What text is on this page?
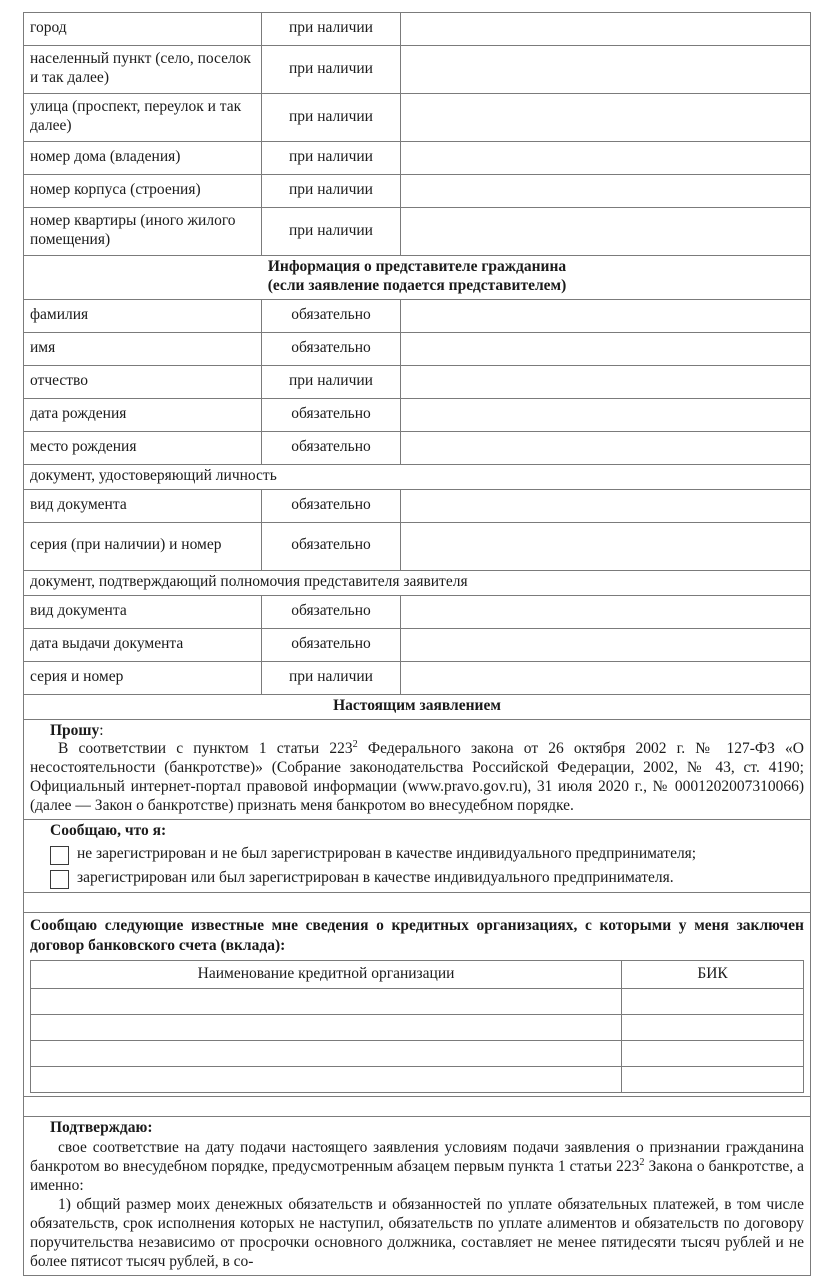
город	при наличии	
населенный пункт (село, поселок и так далее)	при наличии	
улица (проспект, переулок и так далее)	при наличии	
номер дома (владения)	при наличии	
номер корпуса (строения)	при наличии	
номер квартиры (иного жилого помещения)	при наличии	

Информация о представителе гражданина
(если заявление подается представителем)

фамилия	обязательно	
имя	обязательно	
отчество	при наличии	
дата рождения	обязательно	
место рождения	обязательно	
документ, удостоверяющий личность
вид документа	обязательно	
серия (при наличии) и номер	обязательно	
документ, подтверждающий полномочия представителя заявителя
вид документа	обязательно	
дата выдачи документа	обязательно	
серия и номер	при наличии	
Настоящим заявлением

Прошу:

В соответствии с пунктом 1 статьи $223^2$ Федерального закона от 26 октября 2002 г. № 127-ФЗ «О несостоятельности (банкротстве)» (Собрание законодательства Российской Федерации, 2002, № 43, ст. 4190; Официальный интернет-портал правовой информации (www.pravo.gov.ru), 31 июля 2020 г., № 0001202007310066) (далее — Закон о банкротстве) признать меня банкротом во внесудебном порядке.

Сообщаю, что я:

не зарегистрирован и не был зарегистрирован в качестве индивидуального предпринимателя;
зарегистрирован или был зарегистрирован в качестве индивидуального предпринимателя.

Сообщаю следующие известные мне сведения о кредитных организациях, с которыми у меня заключен договор банковского счета (вклада):
Наименование кредитной организации	БИК

Подтверждаю:

свое соответствие на дату подачи настоящего заявления условиям подачи заявления о признании гражданина банкротом во внесудебном порядке, предусмотренным абзацем первым пункта 1 статьи $223^2$ Закона о банкротстве, а именно:

1) общий размер моих денежных обязательств и обязанностей по уплате обязательных платежей, в том числе обязательств, срок исполнения которых не наступил, обязательств по уплате алиментов и обязательств по договору поручительства независимо от просрочки основного должника, составляет не менее пятидесяти тысяч рублей и не более пятисот тысяч рублей, в со-
